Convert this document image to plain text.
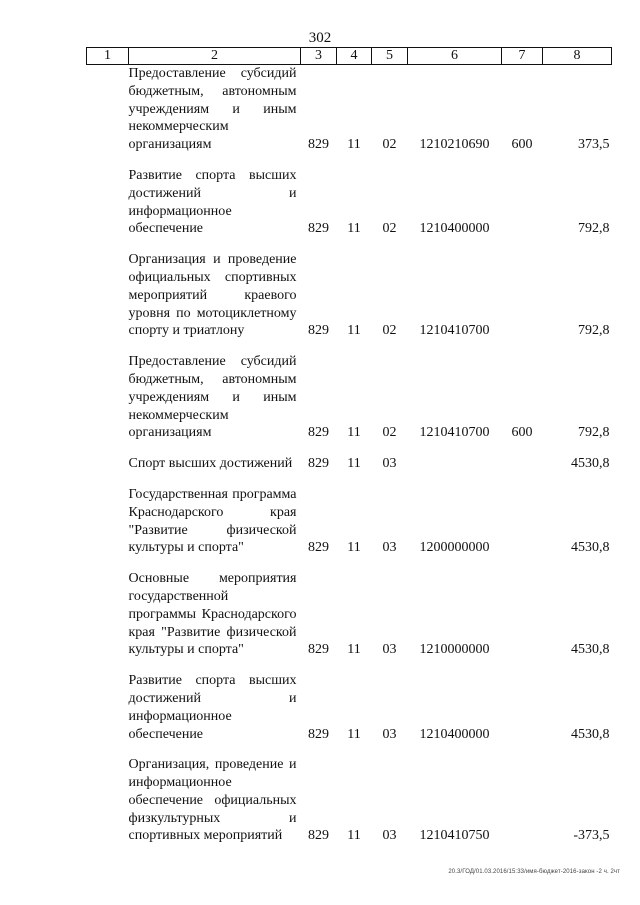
302
1	2	3	4	5	6	7	8
Предоставление субсидий бюджетным, автономным учреждениям и иным некоммерческим организациям		829	11	02	1210210690	600	373,5

Развитие спорта высших достижений и информационное обеспечение		829	11	02	1210400000		792,8

Организация и проведение официальных спортивных мероприятий краевого уровня по мотоциклетному спорту и триатлону		829	11	02	1210410700		792,8

Предоставление субсидий бюджетным, автономным учреждениям и иным некоммерческим организациям		829	11	02	1210410700	600	792,8

Спорт высших достижений		829	11	03			4530,8

Государственная программа Краснодарского края "Развитие физической культуры и спорта"		829	11	03	1200000000		4530,8

Основные мероприятия государственной программы Краснодарского края "Развитие физической культуры и спорта"		829	11	03	1210000000		4530,8

Развитие спорта высших достижений и информационное обеспечение		829	11	03	1210400000		4530,8

Организация, проведение и информационное обеспечение официальных физкультурных и спортивных мероприятий		829	11	03	1210410750		-373,5
20.3/ГОД/01.03.2016/15:33/имя-бюджет-2016-закон -2 ч. 2чт
